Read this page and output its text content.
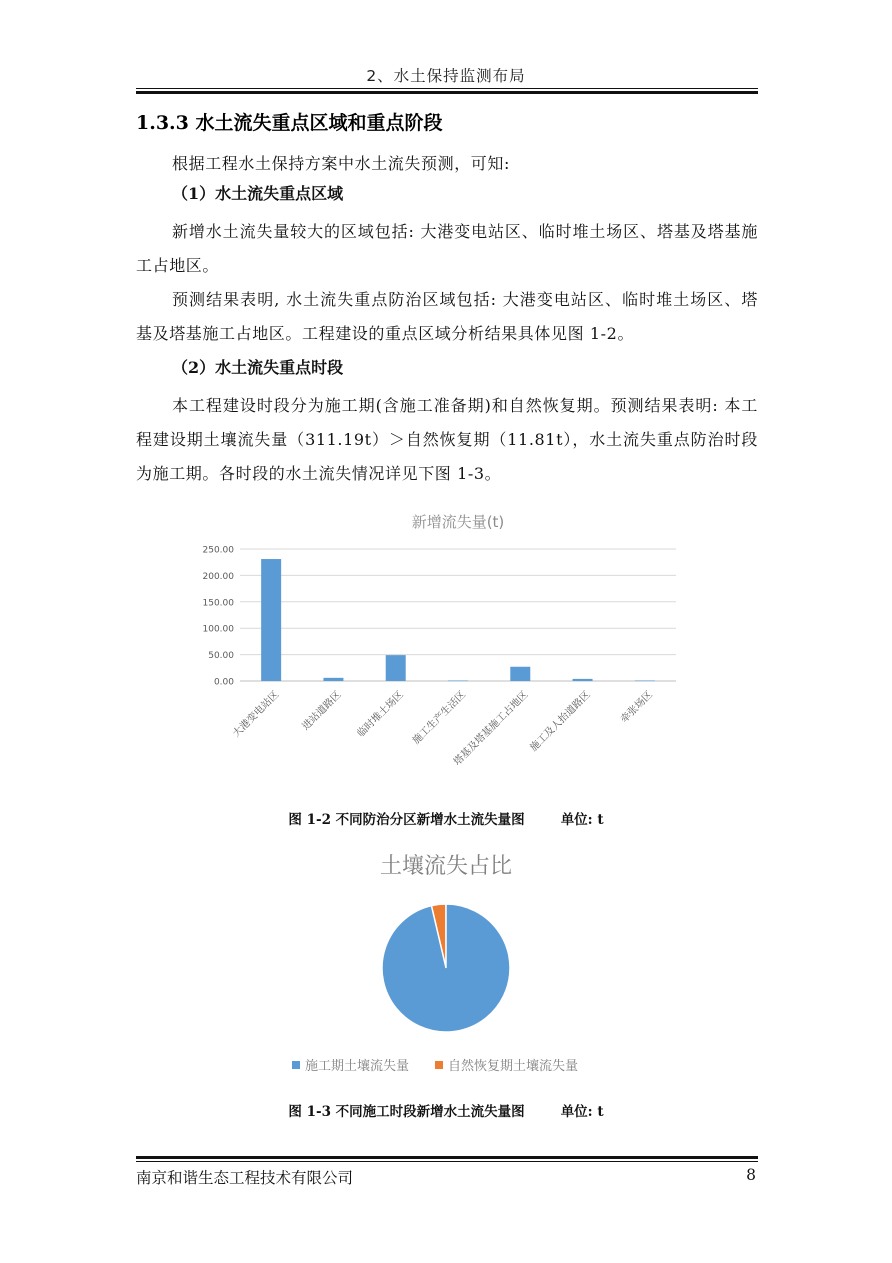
2、水土保持监测布局
1.3.3 水土流失重点区域和重点阶段
根据工程水土保持方案中水土流失预测，可知:
（1）水土流失重点区域
新增水土流失量较大的区域包括: 大港变电站区、临时堆土场区、塔基及塔基施工占地区。
预测结果表明, 水土流失重点防治区域包括: 大港变电站区、临时堆土场区、塔基及塔基施工占地区。工程建设的重点区域分析结果具体见图 1-2。
（2）水土流失重点时段
本工程建设时段分为施工期(含施工准备期)和自然恢复期。预测结果表明: 本工程建设期土壤流失量（311.19t）＞自然恢复期（11.81t），水土流失重点防治时段为施工期。各时段的水土流失情况详见下图 1-3。
新增流失量(t)
0.00
50.00
100.00
150.00
200.00
250.00
大港变电站区 进站道路区 临时堆土场区 施工生产生活区
塔基及塔基施工占地区
施工及人抬道路区	牵张场区
图 1-2 不同防治分区新增水土流失量图	单位: t
土壤流失占比
施工期土壤流失量	自然恢复期土壤流失量
图 1-3 不同施工时段新增水土流失量图	单位: t
南京和谐生态工程技术有限公司	8
